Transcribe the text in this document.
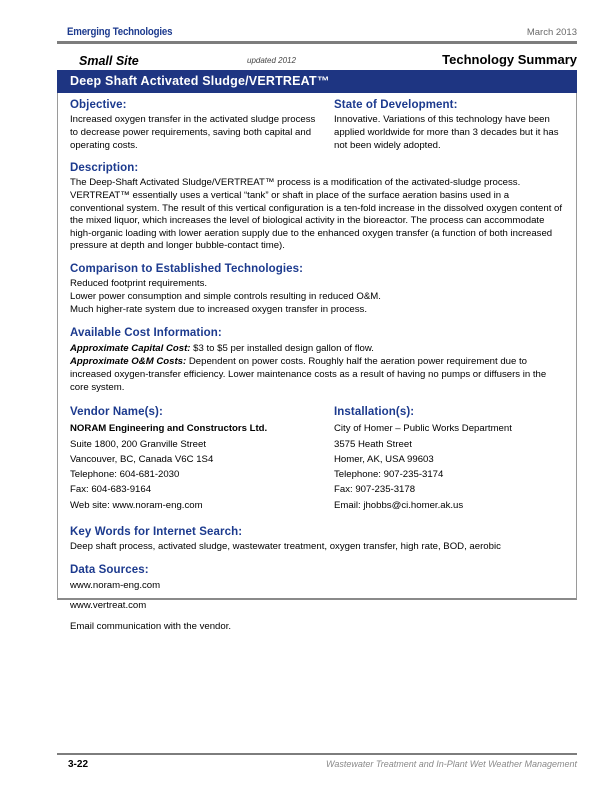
Emerging Technologies	March 2013
Small Site	updated 2012	Technology Summary
Deep Shaft Activated Sludge/VERTREAT™
Objective:

Increased oxygen transfer in the activated sludge process to decrease power requirements, saving both capital and operating costs.

State of Development:

Innovative. Variations of this technology have been applied worldwide for more than 3 decades but it has not been widely adopted.

Description:

The Deep-Shaft Activated Sludge/VERTREAT™ process is a modification of the activated-sludge process. VERTREAT™ essentially uses a vertical “tank” or shaft in place of the surface aeration basins used in a conventional system. The result of this vertical configuration is a ten-fold increase in the dissolved oxygen content of the mixed liquor, which increases the level of biological activity in the bioreactor. The process can accommodate high-organic loading with lower aeration supply due to the enhanced oxygen transfer (a function of both increased pressure at depth and longer bubble-contact time).

Comparison to Established Technologies:

Reduced footprint requirements.

Lower power consumption and simple controls resulting in reduced O&M.

Much higher-rate system due to increased oxygen transfer in process.

Available Cost Information:

Approximate Capital Cost: $3 to $5 per installed design gallon of flow.

Approximate O&M Costs: Dependent on power costs. Roughly half the aeration power requirement due to increased oxygen-transfer efficiency. Lower maintenance costs as a result of having no pumps or diffusers in the core system.

Vendor Name(s):

NORAM Engineering and Constructors Ltd.

Suite 1800, 200 Granville Street

Vancouver, BC, Canada V6C 1S4

Telephone: 604-681-2030

Fax: 604-683-9164

Web site: www.noram-eng.com

Installation(s):

City of Homer – Public Works Department

3575 Heath Street

Homer, AK, USA 99603

Telephone: 907-235-3174

Fax: 907-235-3178

Email: jhobbs@ci.homer.ak.us

Key Words for Internet Search:

Deep shaft process, activated sludge, wastewater treatment, oxygen transfer, high rate, BOD, aerobic

Data Sources:

www.noram-eng.com

www.vertreat.com

Email communication with the vendor.

3-22	Wastewater Treatment and In-Plant Wet Weather Management
